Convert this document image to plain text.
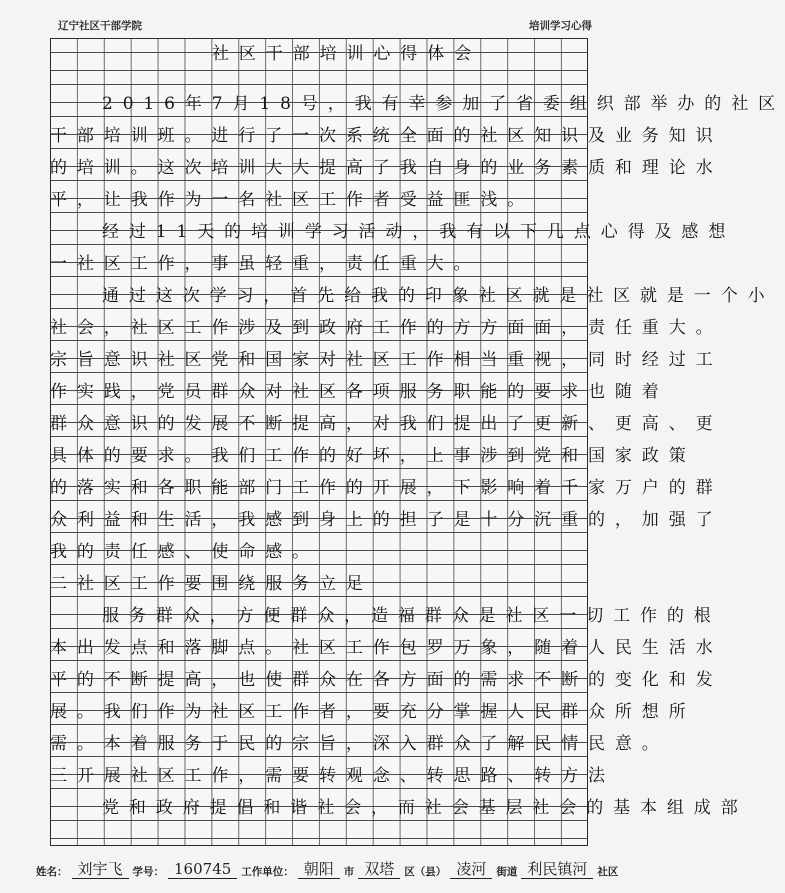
辽宁社区干部学院	培训学习心得
社区干部培训心得体会
2016年7月18号，我有幸参加了省委组织部举办的社区
干部培训班。进行了一次系统全面的社区知识及业务知识
的培训。这次培训大大提高了我自身的业务素质和理论水
平，让我作为一名社区工作者受益匪浅。
经过11天的培训学习活动，我有以下几点心得及感想
一社区工作，事虽轻重，责任重大。
通过这次学习，首先给我的印象社区就是社区就是一个小
社会，社区工作涉及到政府工作的方方面面，责任重大。
宗旨意识社区党和国家对社区工作相当重视，同时经过工
作实践，党员群众对社区各项服务职能的要求也随着
群众意识的发展不断提高，对我们提出了更新、更高、更
具体的要求。我们工作的好坏，上事涉到党和国家政策
的落实和各职能部门工作的开展，下影响着千家万户的群
众利益和生活，我感到身上的担子是十分沉重的，加强了
我的责任感、使命感。
二社区工作要围绕服务立足
服务群众，方便群众，造福群众是社区一切工作的根
本出发点和落脚点。社区工作包罗万象，随着人民生活水
平的不断提高，也使群众在各方面的需求不断的变化和发
展。我们作为社区工作者，要充分掌握人民群众所想所
需。本着服务于民的宗旨，深入群众了解民情民意。
三开展社区工作，需要转观念、转思路、转方法
党和政府提倡和谐社会，而社会基层社会的基本组成部
姓名： 刘宇飞 学号： 160745 工作单位： 朝阳 市 双塔 区（县） 凌河 街道 利民镇河 社区
